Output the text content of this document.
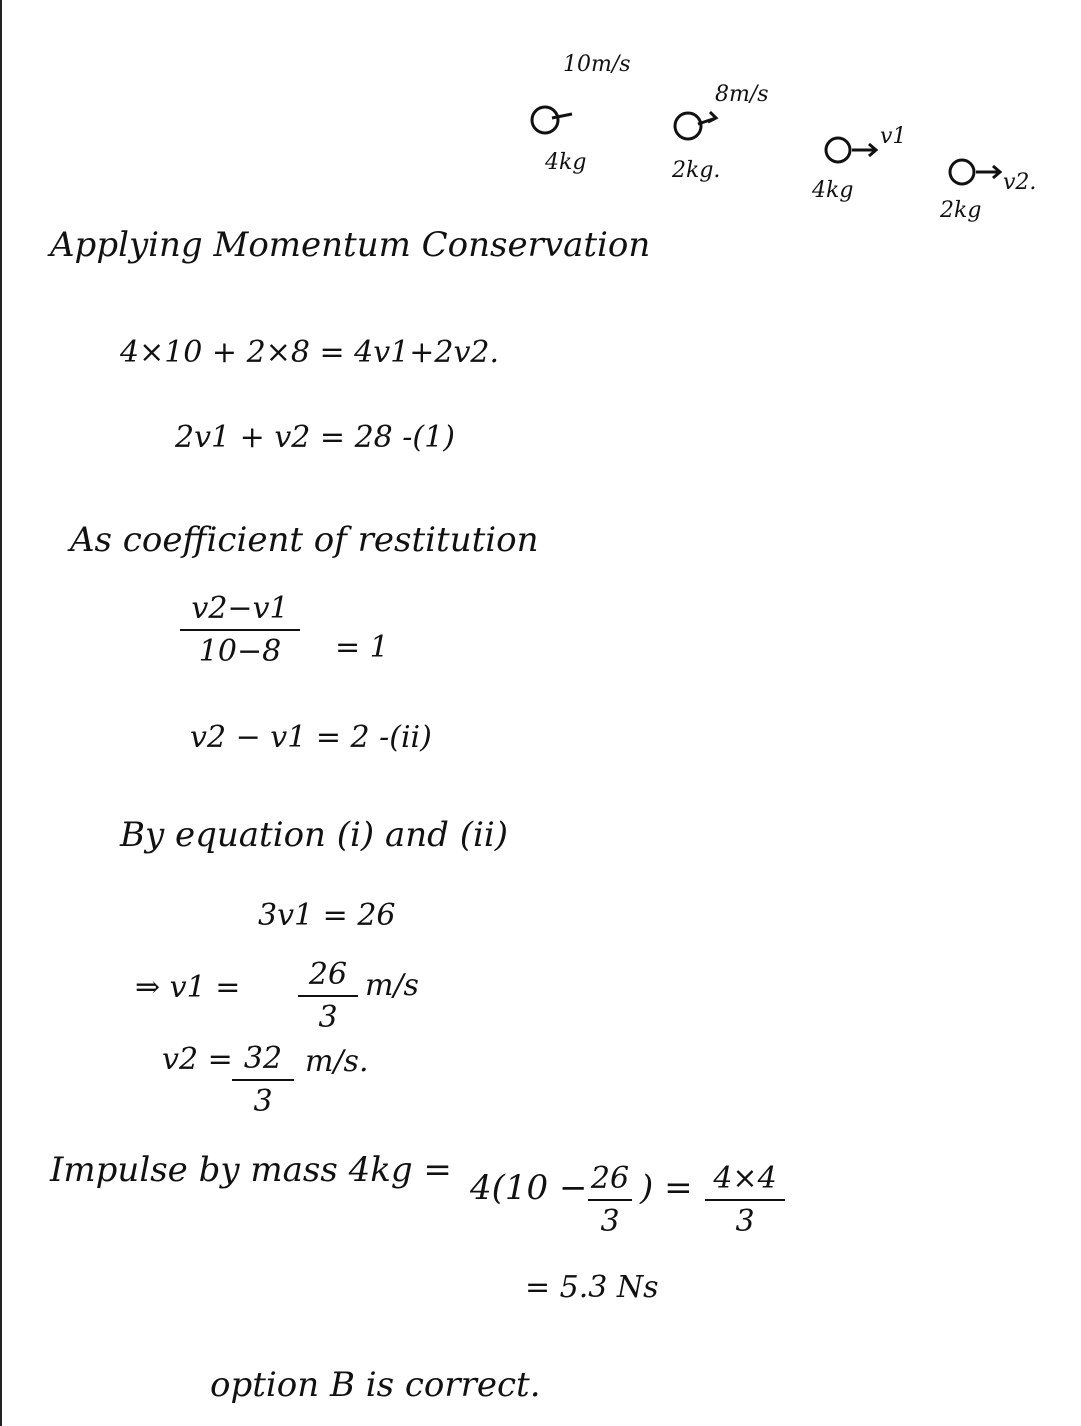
10m/s
4kg
8m/s
2kg.
v1
4kg	v2.
2kg
Applying Momentum Conservation
4×10 + 2×8 = 4v1+2v2.
2v1 + v2 = 28 -(1)
As coefficient of restitution
v2−v1
10−8	= 1
v2 − v1 = 2 -(ii)
By equation (i) and (ii)
3v1 = 26
⇒ v1 =	26
3
m/s
v2 = 32
3
m/s.
Impulse by mass 4kg = 4(10 − 26
3
) = 4×4
3
= 5.3 Ns
option B is correct.
